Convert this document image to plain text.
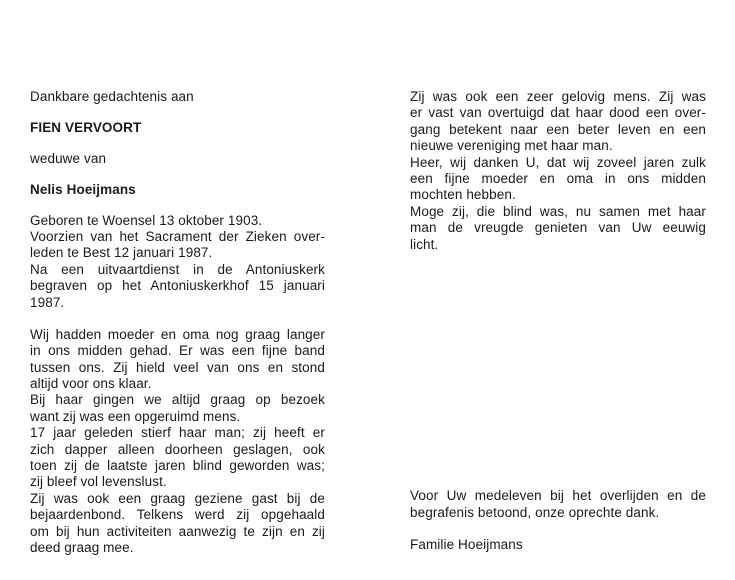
Dankbare gedachtenis aan
FIEN VERVOORT
weduwe van
Nelis Hoeijmans
Geboren te Woensel 13 oktober 1903.
Voorzien van het Sacrament der Zieken over-
leden te Best 12 januari 1987.
Na een uitvaartdienst in de Antoniuskerk
begraven op het Antoniuskerkhof 15 januari
1987.
Wij hadden moeder en oma nog graag langer
in ons midden gehad. Er was een fijne band
tussen ons. Zij hield veel van ons en stond
altijd voor ons klaar.
Bij haar gingen we altijd graag op bezoek
want zij was een opgeruimd mens.
17 jaar geleden stierf haar man; zij heeft er
zich dapper alleen doorheen geslagen, ook
toen zij de laatste jaren blind geworden was;
zij bleef vol levenslust.
Zij was ook een graag geziene gast bij de
bejaardenbond. Telkens werd zij opgehaald
om bij hun activiteiten aanwezig te zijn en zij
deed graag mee.
Zij was ook een zeer gelovig mens. Zij was
er vast van overtuigd dat haar dood een over-
gang betekent naar een beter leven en een
nieuwe vereniging met haar man.
Heer, wij danken U, dat wij zoveel jaren zulk
een fijne moeder en oma in ons midden
mochten hebben.
Moge zij, die blind was, nu samen met haar
man de vreugde genieten van Uw eeuwig
licht.
Voor Uw medeleven bij het overlijden en de
begrafenis betoond, onze oprechte dank.
Familie Hoeijmans
